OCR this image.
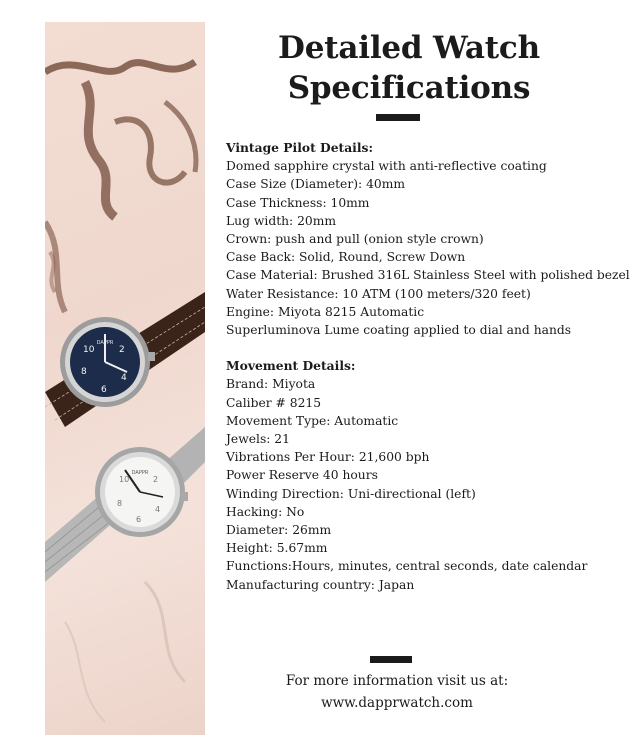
10	2
8
4
6
DAPPR
10	2
8
4
6
DAPPR
Detailed Watch
Specifications
Vintage Pilot Details:
Domed sapphire crystal with anti-reflective coating
Case Size (Diameter): 40mm
Case Thickness: 10mm
Lug width: 20mm
Crown: push and pull (onion style crown)
Case Back: Solid, Round, Screw Down
Case Material: Brushed 316L Stainless Steel with polished bezel
Water Resistance: 10 ATM (100 meters/320 feet)
Engine: Miyota 8215 Automatic
Superluminova Lume coating applied to dial and hands
Movement Details:
Brand: Miyota
Caliber # 8215
Movement Type: Automatic
Jewels: 21
Vibrations Per Hour: 21,600 bph
Power Reserve 40 hours
Winding Direction: Uni-directional (left)
Hacking: No
Diameter: 26mm
Height: 5.67mm
Functions:Hours, minutes, central seconds, date calendar
Manufacturing country: Japan
For more information visit us at:
www.dapprwatch.com
